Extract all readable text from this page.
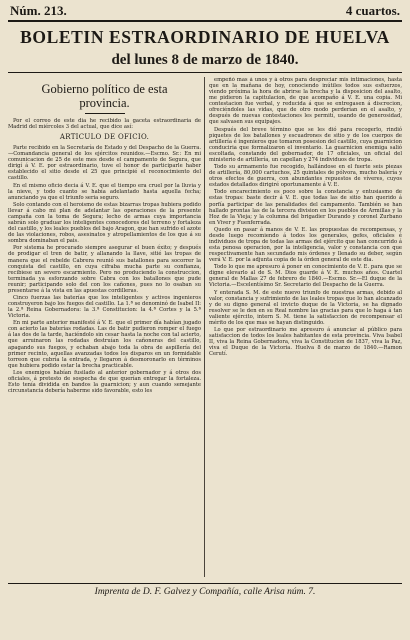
Núm. 213.	4 cuartos.
BOLETIN ESTRAORDINARIO DE HUELVA
del lunes 8 de marzo de 1840.
Gobierno político de esta
provincia.

Por el correo de este dia he recibido la gaceta estraordinaria de Madrid del miércoles 3 del actual, que dice así:

ARTICULO DE OFICIO.

Parte recibido en la Secretaría de Estado y del Despacho de la Guerra.—Comandancia general de los ejércitos reunidos.—Escmo. Sr.: En mi comunicacion de 25 de este mes desde el campamento de Segura, que dirigí á V. E. por estraordinario, tuve el honor de participarle haber establecido el sitio desde el 25 que principié el reconocimiento del castillo.

En el mismo oficio decia á V. E. que el tiempo era cruel por la lluvia y la nieve, y todo cuanto se había adelantado hasta aquella fecha; anunciando ya que el triunfo seria seguro.

Solo contando con el heroismo de estas bizarras tropas hubiera podido llevar á cabo mi plan de adelantar las operaciones de la presente campaña con la toma de Segura; lecho de armas cuya importancia sabrán solo graduar los inteligentes conocedores del terreno y fortaleza del castillo, y los leales pueblos del bajo Aragon, que han sufrido el azote de las violaciones, robos, asesinatos y atropellamientos de los que á su sombra dominaban el pais.

Por sistema he procurado siempre asegurar el buen éxito; y después de prodigar el tren de batir, y allanando la llave, sitié las tropas de manera que el rebelde Cabrera reunió sus batallones para socorrer la conquista del castillo, en cuya cifraba mucha parte su confianza, recibiese un severo escarmiento. Pero no produciendo la construccion, terminada ya esforzando sobre Cabra con los batallones que pude reunir; participando solo del con los cañones, pues no lo osaban su presentarse á la vista en las apuestas cordilleras.

Cinco fuerzas las baterías que los inteligentes y activos ingenieros construyeron bajo los fuegos del castillo. La 1.ª se denominó de Isabel II: la 2.ª Reina Gobernadora: la 3.ª Constitucion: la 4.ª Cortes y la 5.ª Victoria.

En mi parte anterior manifesté á V. E. que el primer día habían jugado con acierto las baterías rodadas. Las de batir pudieron romper el fuego á las dos de la tarde, haciéndolo sin cesar hasta la noche con tal acierto, que arruinaron las rodadas destruían los cañoneras del castillo, apagando sus fuegos, y echaban abajo toda la obra de aspillería del primer recinto, aquellas avanzadas todos los disparos en un formidable torreon que cubría la entrada, y llegaron á desmoronarlo en términos que hubiera podido estar la brecha practicable.

Los enemigos habían fusilado al anterior gobernador y á otros dos oficiales, á pretesto de sospecha de que querían entregar la fortaleza. Esto tenía dividida en bandos la guarnicion; y aun cuando semejante circunstancia debería haberme sido favorable, esto les

empeñó mas á unos y á otros para despreciar mis intimaciones, hasta que en la mañana de hoy, conociendo inútiles todos sus esfuerzos, viendo próxima la hora de abrirse la brecha y la disposicion del asalto, me pidieron la capitulacion, de que acompaño á V. E. una copia. Mi contestacion fue verbal, y reducida á que se entregasen á discrecion, ofreciéndoles las vidas, que de otro modo perderían en el asalto, y después de nuevas contestaciones les permití, usando de generosidad, que salvasen sus equipajes.

Después del breve término que se les dió para recogerlo, rindió piquetes de los batallones y escuadrones de sitio y de los cuerpos de artillería é ingenieros que tomaron posesion del castillo, cuya guarnicion conduciria que formalizaron el inventario. La guarnicion enemiga salió escoltada, constando del gobernador, de 17 oficiales, un oficial del ministerio de artillería, un capellan y 274 individuos de tropa.

Todo su armamento fue recogido, hallándose en el fuerte seis piezas de artillería, 80,000 cartuchos, 25 quintales de pólvora, mucho balería y otros efectos de guerra, con abundantes repuestos de víveres, cuyos estados detallados dirigiré oportunamente á V. E.

Todo encarecimiento es poco sobre la constancia y entusiasmo de estas tropas: baste decir á V. E. que todas las de sitio han querido á porfía participar de las penalidades del campamento. También se han hallado prontas las de la tercera division en los pueblos de Armillas y la Hoz de la Vieja; y la columna del brigadier Durando y coronel Zurbano en Viver y Fuenferrada.

Quedo en pasar á manos de V. E. las propuestas de recompensas, y desde luego recomiendo á todos los generales, gefes, oficiales é individuos de tropa de todas las armas del ejército que han concurrido á esta penosa operacion, por la inteligencia, valor y constancia con que respectivamente han secundado mis órdenes y llenado su deber, según verá V. E. por la adjunta copia de la órden general de este dia.

Todo lo que me apresuro á poner en conocimiento de V. E. para que se digne elevarlo al de S. M. Dios guarde á V. E. muchos años. Cuartel general de Mallas 27 de febrero de 1840.—Escmo. Sr.—El duque de la Victoria.—Escelentísimo Sr. Secretario del Despacho de la Guerra.

Y enterada S. M. de este nuevo triunfo de nuestras armas, debido al valor, constancia y sufrimiento de las leales tropas que lo han alcanzado y de su digno general el invicto duque de la Victoria, se ha dignado resolver se le den en su Real nombre las gracias para que lo haga á tan valiente ejército, intern S. M. tiene la satisfaccion de recompensar el mérito de los que mas se hayan distinguido.

Lo que por estraordinario me apresuro á anunciar al público para satisfaccion de todos los leales habitantes de esta provincia. Viva Isabel II, viva la Reina Gobernadora, viva la Constitucion de 1837, viva la Paz, viva el Duque de la Victoria. Huelva 8 de marzo de 1840.—Ramon Cerutí.

Imprenta de D. F. Galvez y Compañía, calle Arisa núm. 7.
